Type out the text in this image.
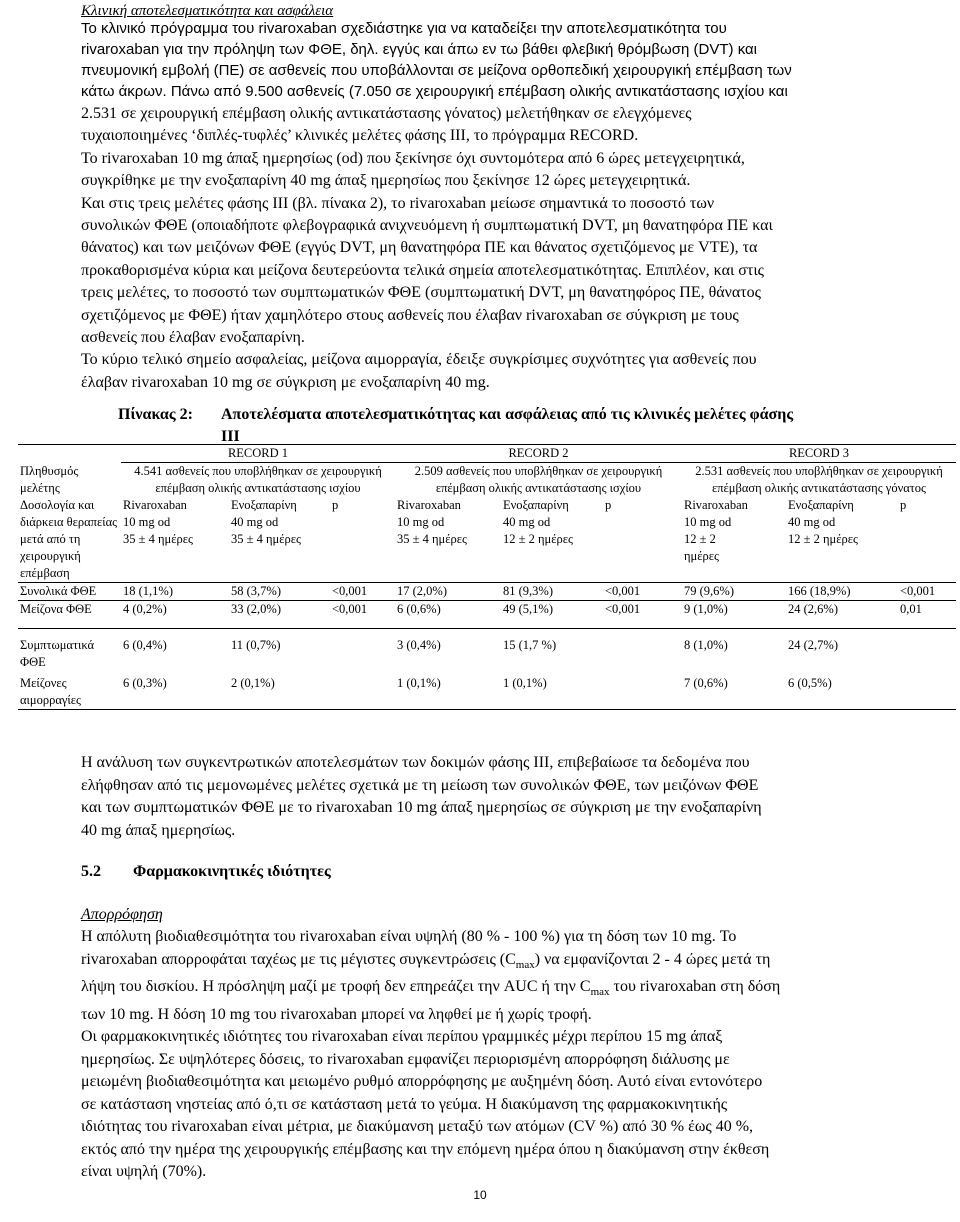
Κλινική αποτελεσματικότητα και ασφάλεια
Το κλινικό πρόγραμμα του rivaroxaban σχεδιάστηκε για να καταδείξει την αποτελεσματικότητα του
rivaroxaban για την πρόληψη των ΦΘΕ, δηλ. εγγύς και άπω εν τω βάθει φλεβική θρόμβωση (DVT) και
πνευμονική εμβολή (ΠΕ) σε ασθενείς που υποβάλλονται σε μείζονα ορθοπεδική χειρουργική επέμβαση των
κάτω άκρων. Πάνω από 9.500 ασθενείς (7.050 σε χειρουργική επέμβαση ολικής αντικατάστασης ισχίου και
2.531 σε χειρουργική επέμβαση ολικής αντικατάστασης γόνατος) μελετήθηκαν σε ελεγχόμενες
τυχαιοποιημένες ‘διπλές-τυφλές’ κλινικές μελέτες φάσης III, το πρόγραμμα RECORD.
Το rivaroxaban 10 mg άπαξ ημερησίως (od) που ξεκίνησε όχι συντομότερα από 6 ώρες μετεγχειρητικά,
συγκρίθηκε με την ενοξαπαρίνη 40 mg άπαξ ημερησίως που ξεκίνησε 12 ώρες μετεγχειρητικά.
Και στις τρεις μελέτες φάσης III (βλ. πίνακα 2), το rivaroxaban μείωσε σημαντικά το ποσοστό των
συνολικών ΦΘΕ (οποιαδήποτε φλεβογραφικά ανιχνευόμενη ή συμπτωματική DVT, μη θανατηφόρα ΠΕ και
θάνατος) και των μειζόνων ΦΘΕ (εγγύς DVT, μη θανατηφόρα ΠΕ και θάνατος σχετιζόμενος με VTE), τα
προκαθορισμένα κύρια και μείζονα δευτερεύοντα τελικά σημεία αποτελεσματικότητας. Επιπλέον, και στις
τρεις μελέτες, το ποσοστό των συμπτωματικών ΦΘΕ (συμπτωματική DVT, μη θανατηφόρος ΠΕ, θάνατος
σχετιζόμενος με ΦΘΕ) ήταν χαμηλότερο στους ασθενείς που έλαβαν rivaroxaban σε σύγκριση με τους
ασθενείς που έλαβαν ενοξαπαρίνη.
Το κύριο τελικό σημείο ασφαλείας, μείζονα αιμορραγία, έδειξε συγκρίσιμες συχνότητες για ασθενείς που
έλαβαν rivaroxaban 10 mg σε σύγκριση με ενοξαπαρίνη 40 mg.
Πίνακας 2: Αποτελέσματα αποτελεσματικότητας και ασφάλειας από τις κλινικές μελέτες φάσης
III
	RECORD 1			RECORD 2			RECORD 3		
Πληθυσμός μελέτης	4.541 ασθενείς που υποβλήθηκαν σε χειρουργική επέμβαση ολικής αντικατάστασης ισχίου			2.509 ασθενείς που υποβλήθηκαν σε χειρουργική επέμβαση ολικής αντικατάστασης ισχίου			2.531 ασθενείς που υποβλήθηκαν σε χειρουργική επέμβαση ολικής αντικατάστασης γόνατος		
Δοσολογία και διάρκεια θεραπείας μετά από τη χειρουργική επέμβαση	Rivaroxaban
10 mg od
35 ± 4 ημέρες	Ενοξαπαρίνη
40 mg od
35 ± 4 ημέρες	p	Rivaroxaban
10 mg od
35 ± 4 ημέρες	Ενοξαπαρίνη
40 mg od
12 ± 2 ημέρες	p	Rivaroxaban
10 mg od
12 ± 2
ημέρες	Ενοξαπαρίνη
40 mg od
12 ± 2 ημέρες	p
Συνολικά ΦΘΕ	18 (1,1%)	58 (3,7%)	<0,001	17 (2,0%)	81 (9,3%)	<0,001	79 (9,6%)	166 (18,9%)	<0,001
Μείζονα ΦΘΕ	4 (0,2%)	33 (2,0%)	<0,001	6 (0,6%)	49 (5,1%)	<0,001	9 (1,0%)	24 (2,6%)	0,01
Συμπτωματικά ΦΘΕ	6 (0,4%)	11 (0,7%)		3 (0,4%)	15 (1,7 %)		8 (1,0%)	24 (2,7%)	
Μείζονες αιμορραγίες	6 (0,3%)	2 (0,1%)		1 (0,1%)	1 (0,1%)		7 (0,6%)	6 (0,5%)	
Η ανάλυση των συγκεντρωτικών αποτελεσμάτων των δοκιμών φάσης III, επιβεβαίωσε τα δεδομένα που
ελήφθησαν από τις μεμονωμένες μελέτες σχετικά με τη μείωση των συνολικών ΦΘΕ, των μειζόνων ΦΘΕ
και των συμπτωματικών ΦΘΕ με το rivaroxaban 10 mg άπαξ ημερησίως σε σύγκριση με την ενοξαπαρίνη
40 mg άπαξ ημερησίως.
5.2 Φαρμακοκινητικές ιδιότητες
Απορρόφηση
Η απόλυτη βιοδιαθεσιμότητα του rivaroxaban είναι υψηλή (80 % - 100 %) για τη δόση των 10 mg. Το
rivaroxaban απορροφάται ταχέως με τις μέγιστες συγκεντρώσεις $(C_{max})$ να εμφανίζονται 2 - 4 ώρες μετά τη
λήψη του δισκίου. Η πρόσληψη μαζί με τροφή δεν επηρεάζει την AUC ή την $C_{max}$ του rivaroxaban στη δόση
των 10 mg. Η δόση 10 mg του rivaroxaban μπορεί να ληφθεί με ή χωρίς τροφή.
Οι φαρμακοκινητικές ιδιότητες του rivaroxaban είναι περίπου γραμμικές μέχρι περίπου 15 mg άπαξ
ημερησίως. Σε υψηλότερες δόσεις, το rivaroxaban εμφανίζει περιορισμένη απορρόφηση διάλυσης με
μειωμένη βιοδιαθεσιμότητα και μειωμένο ρυθμό απορρόφησης με αυξημένη δόση. Αυτό είναι εντονότερο
σε κατάσταση νηστείας από ό,τι σε κατάσταση μετά το γεύμα. Η διακύμανση της φαρμακοκινητικής
ιδιότητας του rivaroxaban είναι μέτρια, με διακύμανση μεταξύ των ατόμων (CV %) από 30 % έως 40 %,
εκτός από την ημέρα της χειρουργικής επέμβασης και την επόμενη ημέρα όπου η διακύμανση στην έκθεση
είναι υψηλή (70%).
10
